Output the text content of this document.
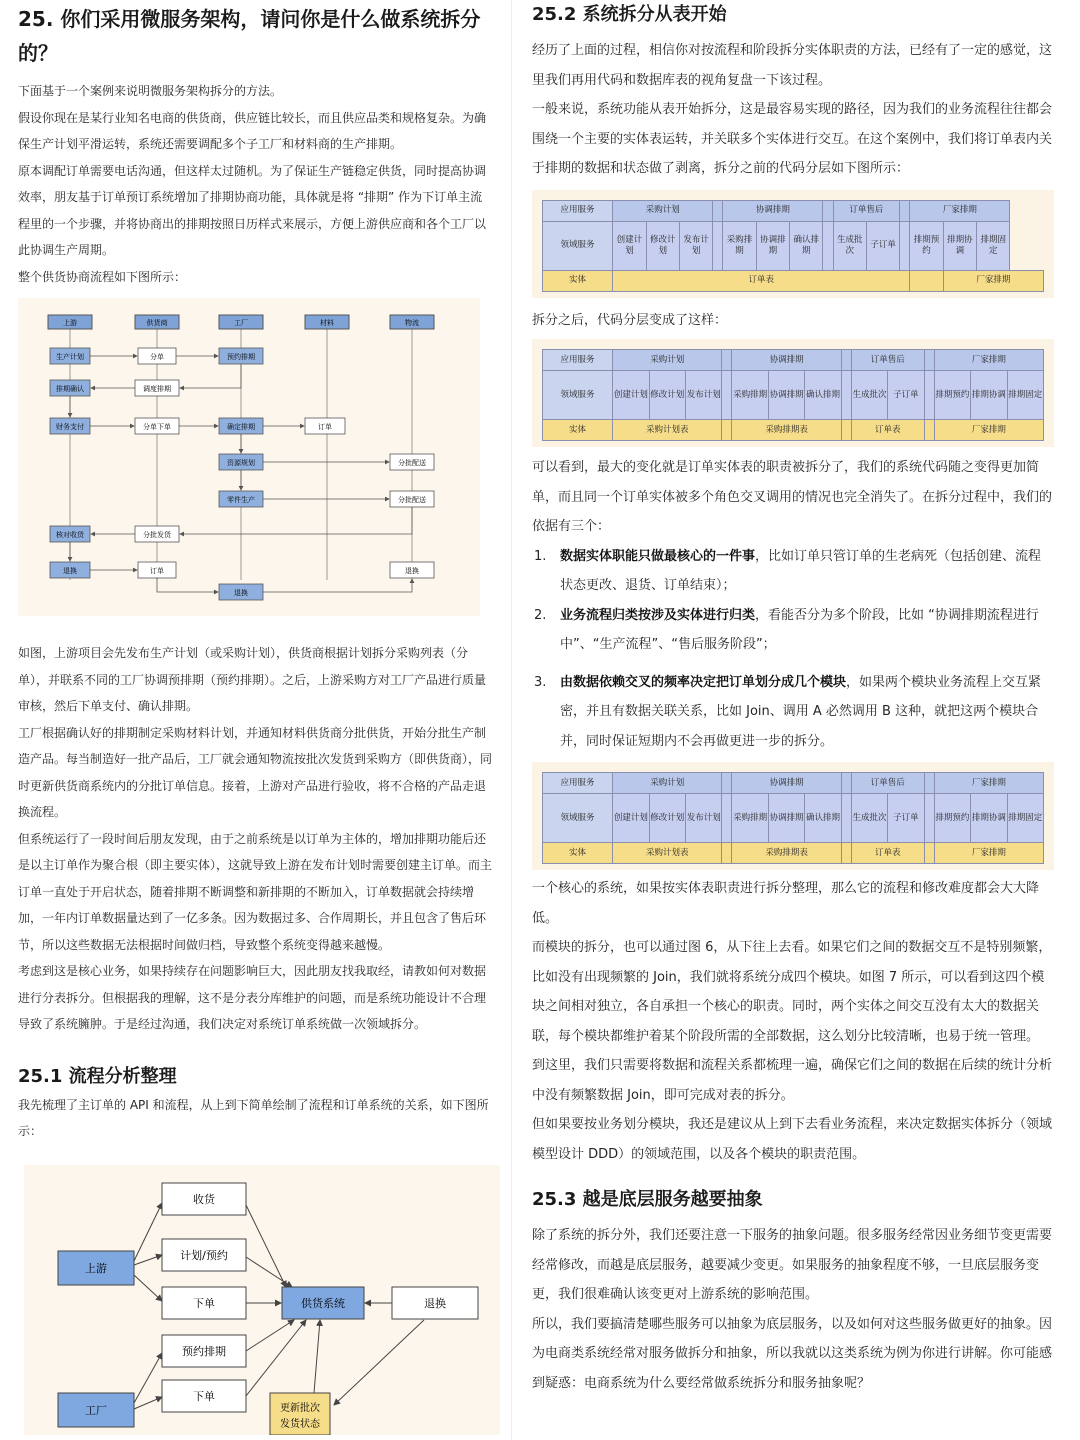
25. 你们采用微服务架构，请问你是什么做系统拆分的？

下面基于一个案例来说明微服务架构拆分的方法。

假设你现在是某行业知名电商的供货商，供应链比较长，而且供应品类和规格复杂。为确保生产计划平滑运转，系统还需要调配多个子工厂和材料商的生产排期。

原本调配订单需要电话沟通，但这样太过随机。为了保证生产链稳定供货，同时提高协调效率，朋友基于订单预订系统增加了排期协商功能，具体就是将 “排期” 作为下订单主流程里的一个步骤，并将协商出的排期按照日历样式来展示，方便上游供应商和各个工厂以此协调生产周期。

整个供货协商流程如下图所示：

上游	供货商	工厂	材料	物流
生产计划	分单	预约排期
排期确认	调度排期
财务支付	分单下单	确定排期	订单
资源规划	分批配送
零件生产	分批配送
核对收货	分批发货
退换	订单	退换
退换

如图，上游项目会先发布生产计划（或采购计划），供货商根据计划拆分采购列表（分单），并联系不同的工厂协调预排期（预约排期）。之后，上游采购方对工厂产品进行质量审核，然后下单支付、确认排期。

工厂根据确认好的排期制定采购材料计划，并通知材料供货商分批供货，开始分批生产制造产品。每当制造好一批产品后，工厂就会通知物流按批次发货到采购方（即供货商），同时更新供货商系统内的分批订单信息。接着，上游对产品进行验收，将不合格的产品走退换流程。

但系统运行了一段时间后朋友发现，由于之前系统是以订单为主体的，增加排期功能后还是以主订单作为聚合根（即主要实体），这就导致上游在发布计划时需要创建主订单。而主订单一直处于开启状态，随着排期不断调整和新排期的不断加入，订单数据就会持续增加，一年内订单数据量达到了一亿多条。因为数据过多、合作周期长，并且包含了售后环节，所以这些数据无法根据时间做归档，导致整个系统变得越来越慢。

考虑到这是核心业务，如果持续存在问题影响巨大，因此朋友找我取经，请教如何对数据进行分表拆分。但根据我的理解，这不是分表分库维护的问题，而是系统功能设计不合理导致了系统臃肿。于是经过沟通，我们决定对系统订单系统做一次领域拆分。

25.1 流程分析整理

我先梳理了主订单的 API 和流程，从上到下简单绘制了流程和订单系统的关系，如下图所示：

收货
上游
计划/预约
下单	供货系统	退换
预约排期
下单
工厂	更新批次
发货状态
25.2 系统拆分从表开始

经历了上面的过程，相信你对按流程和阶段拆分实体职责的方法，已经有了一定的感觉，这里我们再用代码和数据库表的视角复盘一下该过程。

一般来说，系统功能从表开始拆分，这是最容易实现的路径，因为我们的业务流程往往都会围绕一个主要的实体表运转，并关联多个实体进行交互。在这个案例中，我们将订单表内关于排期的数据和状态做了剥离，拆分之前的代码分层如下图所示：

应用服务	采购计划				协调排期				订单售后			厂家排期		
领域服务	创建计划	修改计划	发布计划		采购排期	协调排期	确认排期		生成批次	子订单		排期预约	排期协调	排期固定
实体	订单表												厂家排期	

拆分之后，代码分层变成了这样：

应用服务	采购计划				协调排期				订单售后			厂家排期		
领域服务	创建计划	修改计划	发布计划		采购排期	协调排期	确认排期		生成批次	子订单		排期预约	排期协调	排期固定
实体	采购计划表				采购排期表				订单表			厂家排期		

可以看到，最大的变化就是订单实体表的职责被拆分了，我们的系统代码随之变得更加简单，而且同一个订单实体被多个角色交叉调用的情况也完全消失了。在拆分过程中，我们的依据有三个：

1. 数据实体职能只做最核心的一件事，比如订单只管订单的生老病死（包括创建、流程状态更改、退货、订单结束）；
2. 业务流程归类按涉及实体进行归类，看能否分为多个阶段，比如 “协调排期流程进行中”、“生产流程”、“售后服务阶段”；
3. 由数据依赖交叉的频率决定把订单划分成几个模块，如果两个模块业务流程上交互紧密，并且有数据关联关系，比如 Join、调用 A 必然调用 B 这种，就把这两个模块合并，同时保证短期内不会再做更进一步的拆分。
应用服务	采购计划				协调排期				订单售后			厂家排期		
领域服务	创建计划	修改计划	发布计划		采购排期	协调排期	确认排期		生成批次	子订单		排期预约	排期协调	排期固定
实体	采购计划表				采购排期表				订单表			厂家排期		

一个核心的系统，如果按实体表职责进行拆分整理，那么它的流程和修改难度都会大大降低。

而模块的拆分，也可以通过图 6，从下往上去看。如果它们之间的数据交互不是特别频繁，比如没有出现频繁的 Join，我们就将系统分成四个模块。如图 7 所示，可以看到这四个模块之间相对独立，各自承担一个核心的职责。同时，两个实体之间交互没有太大的数据关联，每个模块都维护着某个阶段所需的全部数据，这么划分比较清晰，也易于统一管理。

到这里，我们只需要将数据和流程关系都梳理一遍，确保它们之间的数据在后续的统计分析中没有频繁数据 Join，即可完成对表的拆分。

但如果要按业务划分模块，我还是建议从上到下去看业务流程，来决定数据实体拆分（领域模型设计 DDD）的领域范围，以及各个模块的职责范围。

25.3 越是底层服务越要抽象

除了系统的拆分外，我们还要注意一下服务的抽象问题。很多服务经常因业务细节变更需要经常修改，而越是底层服务，越要减少变更。如果服务的抽象程度不够，一旦底层服务变更，我们很难确认该变更对上游系统的影响范围。

所以，我们要搞清楚哪些服务可以抽象为底层服务，以及如何对这些服务做更好的抽象。因为电商类系统经常对服务做拆分和抽象，所以我就以这类系统为例为你进行讲解。你可能感到疑惑：电商系统为什么要经常做系统拆分和服务抽象呢？
